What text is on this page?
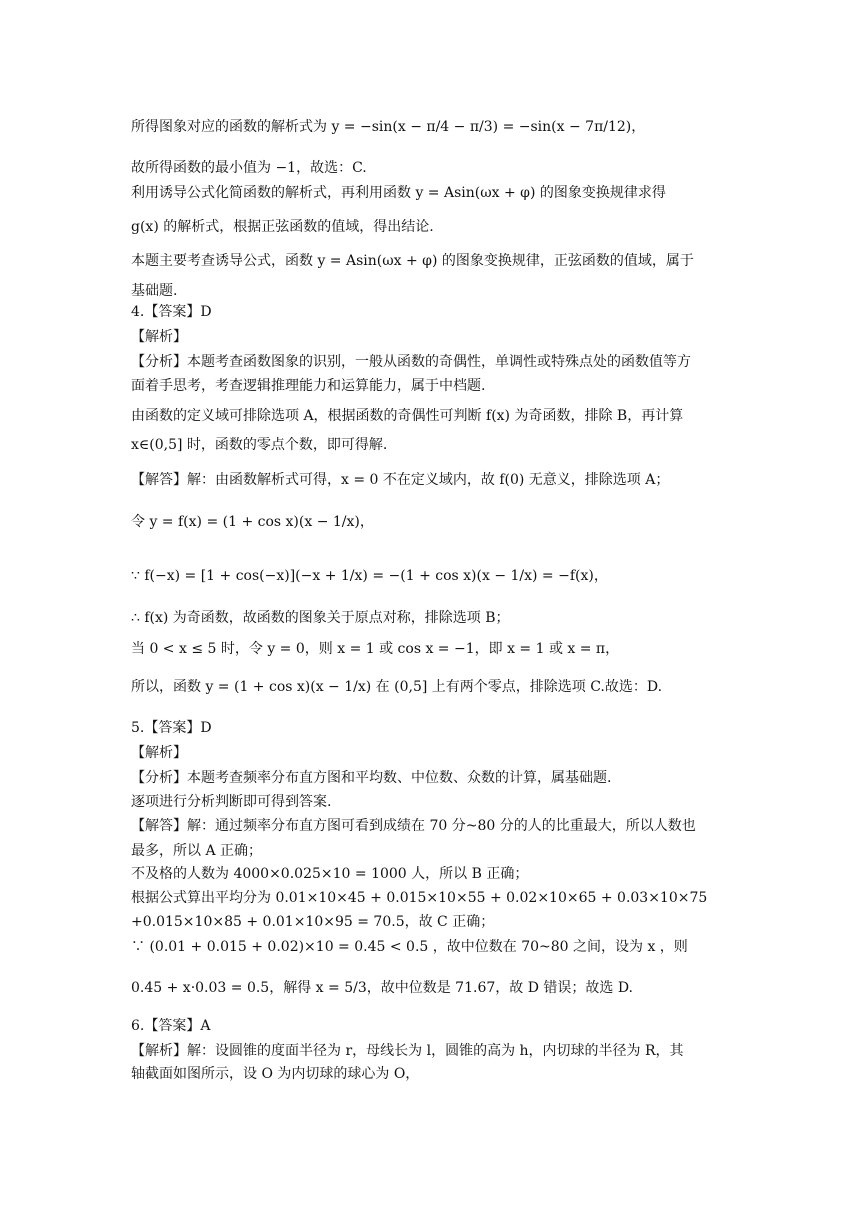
所得图象对应的函数的解析式为 y = −sin(x − π/4 − π/3) = −sin(x − 7π/12)，
故所得函数的最小值为 −1，故选：C.
利用诱导公式化简函数的解析式，再利用函数 y = Asin(ωx + φ) 的图象变换规律求得
g(x) 的解析式，根据正弦函数的值域，得出结论.
本题主要考查诱导公式，函数 y = Asin(ωx + φ) 的图象变换规律，正弦函数的值域，属于
基础题.
4.【答案】D
【解析】
【分析】本题考查函数图象的识别，一般从函数的奇偶性，单调性或特殊点处的函数值等方
面着手思考，考查逻辑推理能力和运算能力，属于中档题.
由函数的定义域可排除选项 A，根据函数的奇偶性可判断 f(x) 为奇函数，排除 B，再计算
x∈(0,5] 时，函数的零点个数，即可得解.
【解答】解：由函数解析式可得，x = 0 不在定义域内，故 f(0) 无意义，排除选项 A；
令 y = f(x) = (1 + cos x)(x − 1/x)，
∵ f(−x) = [1 + cos(−x)](−x + 1/x) = −(1 + cos x)(x − 1/x) = −f(x)，
∴ f(x) 为奇函数，故函数的图象关于原点对称，排除选项 B；
当 0 < x ≤ 5 时，令 y = 0，则 x = 1 或 cos x = −1，即 x = 1 或 x = π，
所以，函数 y = (1 + cos x)(x − 1/x) 在 (0,5] 上有两个零点，排除选项 C.故选：D.
5.【答案】D
【解析】
【分析】本题考查频率分布直方图和平均数、中位数、众数的计算，属基础题.
逐项进行分析判断即可得到答案.
【解答】解：通过频率分布直方图可看到成绩在 70 分~80 分的人的比重最大，所以人数也
最多，所以 A 正确；
不及格的人数为 4000×0.025×10 = 1000 人，所以 B 正确；
根据公式算出平均分为 0.01×10×45 + 0.015×10×55 + 0.02×10×65 + 0.03×10×75
+0.015×10×85 + 0.01×10×95 = 70.5，故 C 正确；
∵ (0.01 + 0.015 + 0.02)×10 = 0.45 < 0.5 ，故中位数在 70~80 之间，设为 x ，则
0.45 + x·0.03 = 0.5，解得 x = 5/3，故中位数是 71.67，故 D 错误；故选 D.
6.【答案】A
【解析】解：设圆锥的度面半径为 r，母线长为 l，圆锥的高为 h，内切球的半径为 R，其
轴截面如图所示，设 O 为内切球的球心为 O，
